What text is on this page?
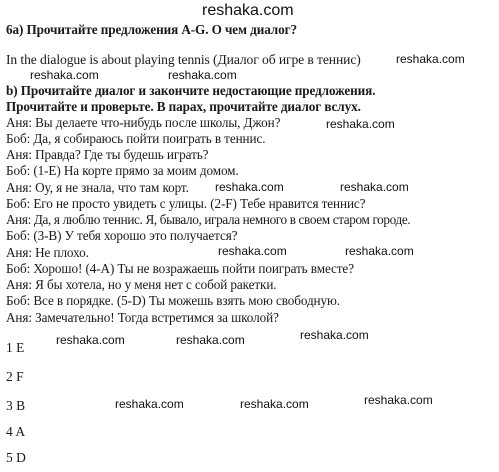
reshaka.com
reshaka.com
reshaka.com	reshaka.com
reshaka.com
reshaka.com	reshaka.com
reshaka.com	reshaka.com
reshaka.com
reshaka.com	reshaka.com
reshaka.com
reshaka.com	reshaka.com
6а) Прочитайте предложения A-G. О чем диалог?
In the dialogue is about playing tennis (Диалог об игре в теннис)
b) Прочитайте диалог и закончите недостающие предложения.
Прочитайте и проверьте. В парах, прочитайте диалог вслух.
Аня: Вы делаете что-нибудь после школы, Джон?
Боб: Да, я собираюсь пойти поиграть в теннис.
Аня: Правда? Где ты будешь играть?
Боб: (1-E) На корте прямо за моим домом.
Аня: Оу, я не знала, что там корт.
Боб: Его не просто увидеть с улицы. (2-F) Тебе нравится теннис?
Аня: Да, я люблю теннис. Я, бывало, играла немного в своем старом городе.
Боб: (3-B) У тебя хорошо это получается?
Аня: Не плохо.
Боб: Хорошо! (4-A) Ты не возражаешь пойти поиграть вместе?
Аня: Я бы хотела, но у меня нет с собой ракетки.
Боб: Все в порядке. (5-D) Ты можешь взять мою свободную.
Аня: Замечательно! Тогда встретимся за школой?
1 E
2 F
3 B
4 A
5 D
